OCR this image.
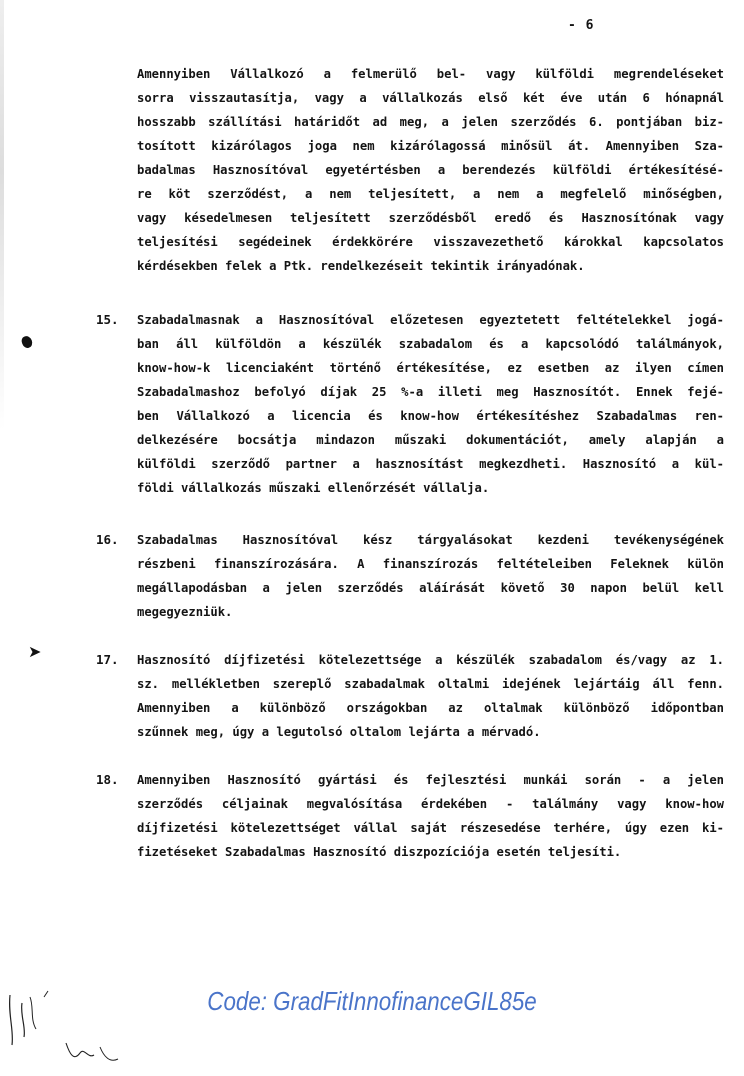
- 6
Amennyiben Vállalkozó a felmerülő bel- vagy külföldi megrendeléseket
sorra visszautasítja, vagy a vállalkozás első két éve után 6 hónapnál
hosszabb szállítási határidőt ad meg, a jelen szerződés 6. pontjában biz-
tosított kizárólagos joga nem kizárólagossá minősül át. Amennyiben Sza-
badalmas Hasznosítóval egyetértésben a berendezés külföldi értékesítésé-
re köt szerződést, a nem teljesített, a nem a megfelelő minőségben,
vagy késedelmesen teljesített szerződésből eredő és Hasznosítónak vagy
teljesítési segédeinek érdekkörére visszavezethető károkkal kapcsolatos
kérdésekben felek a Ptk. rendelkezéseit tekintik irányadónak.
15. Szabadalmasnak a Hasznosítóval előzetesen egyeztetett feltételekkel jogá-
ban áll külföldön a készülék szabadalom és a kapcsolódó találmányok,
know-how-k licenciaként történő értékesítése, ez esetben az ilyen címen
Szabadalmashoz befolyó díjak 25 %-a illeti meg Hasznosítót. Ennek fejé-
ben Vállalkozó a licencia és know-how értékesítéshez Szabadalmas ren-
delkezésére bocsátja mindazon műszaki dokumentációt, amely alapján a
külföldi szerződő partner a hasznosítást megkezdheti. Hasznosító a kül-
földi vállalkozás műszaki ellenőrzését vállalja.
16. Szabadalmas Hasznosítóval kész tárgyalásokat kezdeni tevékenységének
részbeni finanszírozására. A finanszírozás feltételeiben Feleknek külön
megállapodásban a jelen szerződés aláírását követő 30 napon belül kell
megegyezniük.
17. Hasznosító díjfizetési kötelezettsége a készülék szabadalom és/vagy az 1.
sz. mellékletben szereplő szabadalmak oltalmi idejének lejártáig áll fenn.
Amennyiben a különböző országokban az oltalmak különböző időpontban
szűnnek meg, úgy a legutolsó oltalom lejárta a mérvadó.
18. Amennyiben Hasznosító gyártási és fejlesztési munkái során - a jelen
szerződés céljainak megvalósítása érdekében - találmány vagy know-how
díjfizetési kötelezettséget vállal saját részesedése terhére, úgy ezen ki-
fizetéseket Szabadalmas Hasznosító diszpozíciója esetén teljesíti.
➤
Code: GradFitInnofinanceGIL85e
